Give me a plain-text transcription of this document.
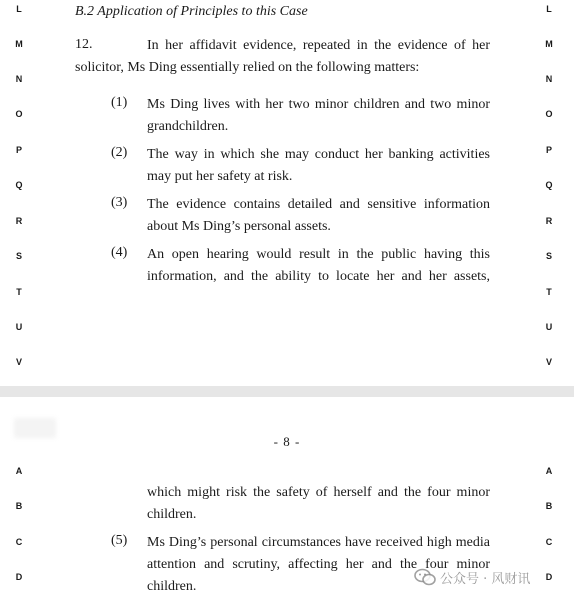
L
M
N
O
P
Q
R
S
T
U
V
L
M
N
O
P
Q
R
S
T
U
V
B.2 Application of Principles to this Case
12.	In her affidavit evidence, repeated in the evidence of her solicitor, Ms Ding essentially relied on the following matters:
(1) Ms Ding lives with her two minor children and two minor grandchildren.
(2) The way in which she may conduct her banking activities may put her safety at risk.
(3) The evidence contains detailed and sensitive information about Ms Ding’s personal assets.
(4) An open hearing would result in the public having this information, and the ability to locate her and her assets,
- 8 -
A
B
C
D
A
B
C
D
which might risk the safety of herself and the four minor children.
(5) Ms Ding’s personal circumstances have received high media attention and scrutiny, affecting her and the four minor children.	公众号 · 风财讯
